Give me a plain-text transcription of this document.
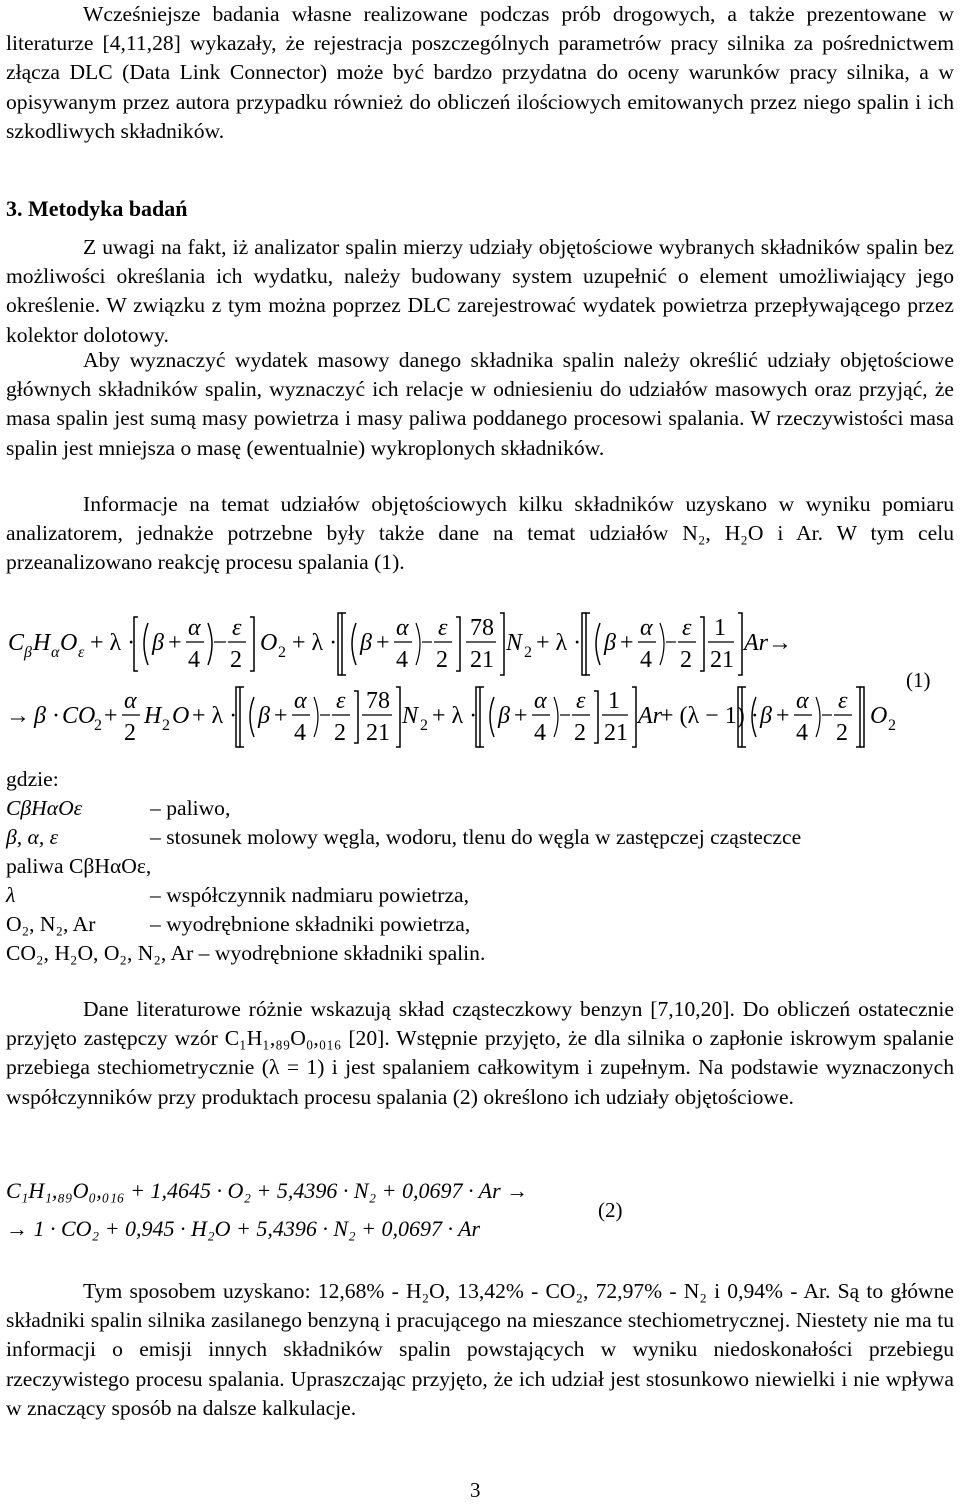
Wcześniejsze badania własne realizowane podczas prób drogowych, a także prezentowane w literaturze [4,11,28] wykazały, że rejestracja poszczególnych parametrów pracy silnika za pośrednictwem złącza DLC (Data Link Connector) może być bardzo przydatna do oceny warunków pracy silnika, a w opisywanym przez autora przypadku również do obliczeń ilościowych emitowanych przez niego spalin i ich szkodliwych składników.

3. Metodyka badań

Z uwagi na fakt, iż analizator spalin mierzy udziały objętościowe wybranych składników spalin bez możliwości określania ich wydatku, należy budowany system uzupełnić o element umożliwiający jego określenie. W związku z tym można poprzez DLC zarejestrować wydatek powietrza przepływającego przez kolektor dolotowy.

Aby wyznaczyć wydatek masowy danego składnika spalin należy określić udziały objętościowe głównych składników spalin, wyznaczyć ich relacje w odniesieniu do udziałów masowych oraz przyjąć, że masa spalin jest sumą masy powietrza i masy paliwa poddanego procesowi spalania. W rzeczywistości masa spalin jest mniejsza o masę (ewentualnie) wykroplonych składników.

Informacje na temat udziałów objętościowych kilku składników uzyskano w wyniku pomiaru analizatorem, jednakże potrzebne były także dane na temat udziałów N₂, H₂O i Ar. W tym celu przeanalizowano reakcję procesu spalania (1).

C β H α O ε + λ · β +
α
4
ε
2
O 2 + λ · β +
α
4
ε
2
78
21
N 2 + λ · β +
α
4
ε
2
1
21
Ar →
→ β · CO
2 +
α
2
H 2 O + λ · β +
α
4
ε
2
78
21
N 2 + λ · β +
α
4
ε
2
1
21
Ar
+ (λ − 1) · β +
α
4
ε
2
O 2
(1)
gdzie:
CβHαOε	– paliwo,
β, α, ε	– stosunek molowy węgla, wodoru, tlenu do węgla w zastępczej cząsteczce
paliwa CβHαOε,
λ	– współczynnik nadmiaru powietrza,
O₂, N₂, Ar	– wyodrębnione składniki powietrza,
CO₂, H₂O, O₂, N₂, Ar – wyodrębnione składniki spalin.

Dane literaturowe różnie wskazują skład cząsteczkowy benzyn [7,10,20]. Do obliczeń ostatecznie przyjęto zastępczy wzór C₁H₁,₈₉O₀,₀₁₆ [20]. Wstępnie przyjęto, że dla silnika o zapłonie iskrowym spalanie przebiega stechiometrycznie (λ = 1) i jest spalaniem całkowitym i zupełnym. Na podstawie wyznaczonych współczynników przy produktach procesu spalania (2) określono ich udziały objętościowe.

C₁H₁,₈₉O₀,₀₁₆ + 1,4645 · O₂ + 5,4396 · N₂ + 0,0697 · Ar →
→ 1 · CO₂ + 0,945 · H₂O + 5,4396 · N₂ + 0,0697 · Ar
(2)

Tym sposobem uzyskano: 12,68% - H₂O, 13,42% - CO₂, 72,97% - N₂ i 0,94% - Ar. Są to główne składniki spalin silnika zasilanego benzyną i pracującego na mieszance stechiometrycznej. Niestety nie ma tu informacji o emisji innych składników spalin powstających w wyniku niedoskonałości przebiegu rzeczywistego procesu spalania. Upraszczając przyjęto, że ich udział jest stosunkowo niewielki i nie wpływa w znaczący sposób na dalsze kalkulacje.

3
